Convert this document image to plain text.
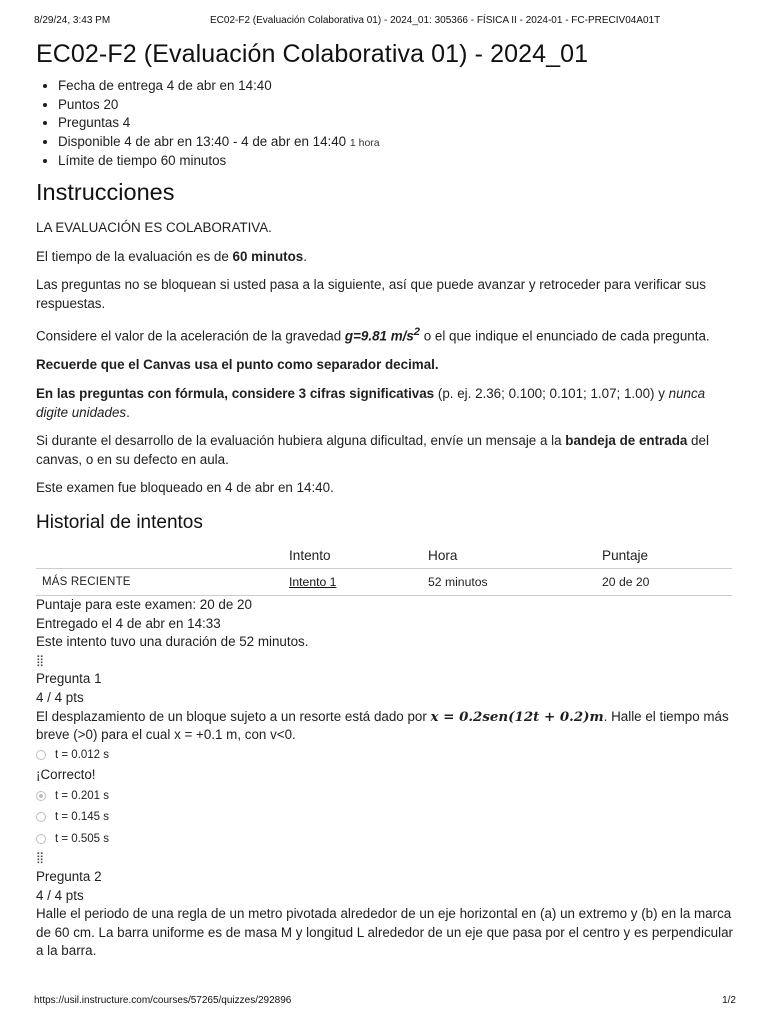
8/29/24, 3:43 PM	EC02-F2 (Evaluación Colaborativa 01) - 2024_01: 305366 - FÍSICA II - 2024-01 - FC-PRECIV04A01T
EC02-F2 (Evaluación Colaborativa 01) - 2024_01
• Fecha de entrega 4 de abr en 14:40
• Puntos 20
• Preguntas 4
• Disponible 4 de abr en 13:40 - 4 de abr en 14:40 1 hora
• Límite de tiempo 60 minutos
Instrucciones

LA EVALUACIÓN ES COLABORATIVA.

El tiempo de la evaluación es de 60 minutos.

Las preguntas no se bloquean si usted pasa a la siguiente, así que puede avanzar y retroceder para verificar sus respuestas.

Considere el valor de la aceleración de la gravedad g=9.81 $m/s^2$ o el que indique el enunciado de cada pregunta.

Recuerde que el Canvas usa el punto como separador decimal.

En las preguntas con fórmula, considere 3 cifras significativas (p. ej. 2.36; 0.100; 0.101; 1.07; 1.00) y nunca digite unidades.

Si durante el desarrollo de la evaluación hubiera alguna dificultad, envíe un mensaje a la bandeja de entrada del canvas, o en su defecto en aula.

Este examen fue bloqueado en 4 de abr en 14:40.

Historial de intentos
	Intento	Hora	Puntaje
MÁS RECIENTE	Intento 1	52 minutos	20 de 20
Puntaje para este examen: 20 de 20
Entregado el 4 de abr en 14:33
Este intento tuvo una duración de 52 minutos.
⣿
Pregunta 1
4 / 4 pts
El desplazamiento de un bloque sujeto a un resorte está dado por x = 0.2sen(12t + 0.2)m. Halle el tiempo más breve (>0) para el cual x = +0.1 m, con v<0.
t = 0.012 s
¡Correcto!
t = 0.201 s
t = 0.145 s
t = 0.505 s
⣿
Pregunta 2
4 / 4 pts
Halle el periodo de una regla de un metro pivotada alrededor de un eje horizontal en (a) un extremo y (b) en la marca de 60 cm. La barra uniforme es de masa M y longitud L alrededor de un eje que pasa por el centro y es perpendicular a la barra.
https://usil.instructure.com/courses/57265/quizzes/292896	1/2
